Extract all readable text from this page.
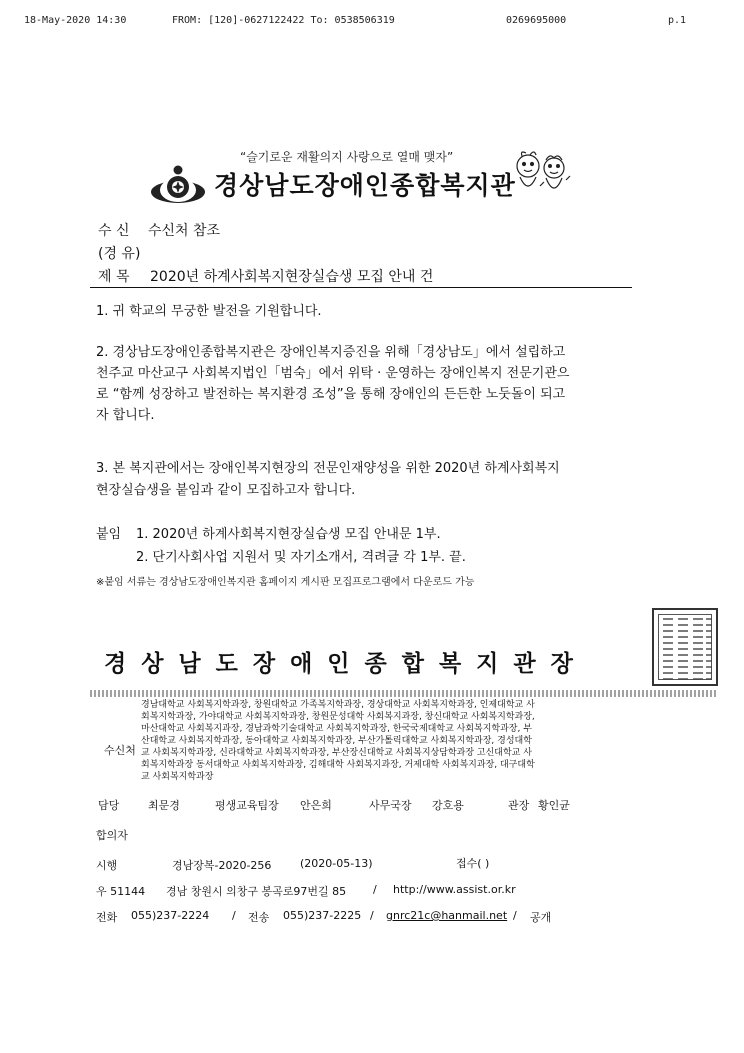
18-May-2020 14:30	FROM: [120]-0627122422 To: 0538506319	0269695000	p.1
“슬기로운 재활의지 사랑으로 열매 맺자”
경상남도장애인종합복지관
수 신 수신처 참조
(경 유)
제 목 2020년 하계사회복지현장실습생 모집 안내 건
1. 귀 학교의 무궁한 발전을 기원합니다.
2. 경상남도장애인종합복지관은 장애인복지증진을 위해「경상남도」에서 설립하고
천주교 마산교구 사회복지법인「범숙」에서 위탁 · 운영하는 장애인복지 전문기관으
로 “함께 성장하고 발전하는 복지환경 조성”을 통해 장애인의 든든한 노둣돌이 되고
자 합니다.
3. 본 복지관에서는 장애인복지현장의 전문인재양성을 위한 2020년 하계사회복지
현장실습생을 붙임과 같이 모집하고자 합니다.
붙임 1. 2020년 하계사회복지현장실습생 모집 안내문 1부.
2. 단기사회사업 지원서 및 자기소개서, 격려글 각 1부. 끝.
※붙임 서류는 경상남도장애인복지관 홈페이지 게시판 모집프로그램에서 다운로드 가능
경상남도장애인종합복지관장
수신처
경남대학교 사회복지학과장, 창원대학교 가족복지학과장, 경상대학교 사회복지학과장, 인제대학교 사
회복지학과장, 가야대학교 사회복지학과장, 창원문성대학 사회복지과장, 창신대학교 사회복지학과장,
마산대학교 사회복지과장, 경남과학기술대학교 사회복지학과장, 한국국제대학교 사회복지학과장, 부
산대학교 사회복지학과장, 동아대학교 사회복지학과장, 부산가톨릭대학교 사회복지학과장, 경성대학
교 사회복지학과장, 신라대학교 사회복지학과장, 부산장신대학교 사회복지상담학과장 고신대학교 사
회복지학과장 동서대학교 사회복지학과장, 김해대학 사회복지과장, 거제대학 사회복지과장, 대구대학
교 사회복지학과장
담당	최문경	평생교육팀장 안은희	사무국장 강호용	관장 황인균
합의자
시행	경남장복-2020-256	(2020-05-13)	접수( )
우 51144 경남 창원시 의창구 봉곡로97번길 85 / http://www.assist.or.kr
전화 055)237-2224 / 전송 055)237-2225 / gnrc21c@hanmail.net / 공개
